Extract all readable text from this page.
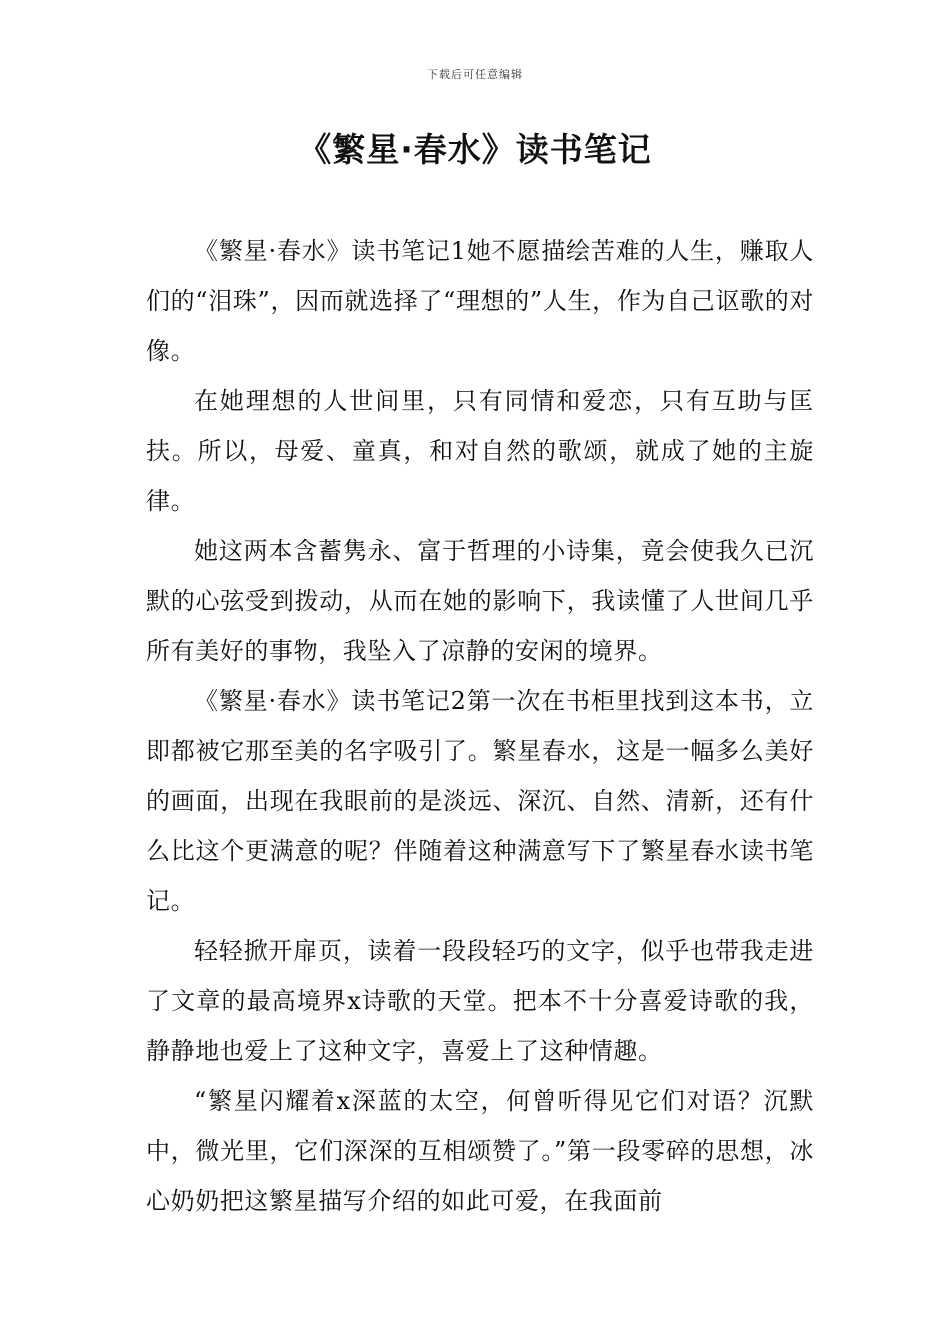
下载后可任意编辑
《繁星·春水》读书笔记

《繁星·春水》读书笔记1她不愿描绘苦难的人生，赚取人们的“泪珠”，因而就选择了“理想的”人生，作为自己讴歌的对像。

在她理想的人世间里，只有同情和爱恋，只有互助与匡扶。所以，母爱、童真，和对自然的歌颂，就成了她的主旋律。

她这两本含蓄隽永、富于哲理的小诗集，竟会使我久已沉默的心弦受到拨动，从而在她的影响下，我读懂了人世间几乎所有美好的事物，我坠入了凉静的安闲的境界。

《繁星·春水》读书笔记2第一次在书柜里找到这本书，立即都被它那至美的名字吸引了。繁星春水，这是一幅多么美好的画面，出现在我眼前的是淡远、深沉、自然、清新，还有什么比这个更满意的呢？伴随着这种满意写下了繁星春水读书笔记。

轻轻掀开扉页，读着一段段轻巧的文字，似乎也带我走进了文章的最高境界x诗歌的天堂。把本不十分喜爱诗歌的我，静静地也爱上了这种文字，喜爱上了这种情趣。

“繁星闪耀着x深蓝的太空，何曾听得见它们对语？沉默中，微光里，它们深深的互相颂赞了。”第一段零碎的思想，冰心奶奶把这繁星描写介绍的如此可爱，在我面前
